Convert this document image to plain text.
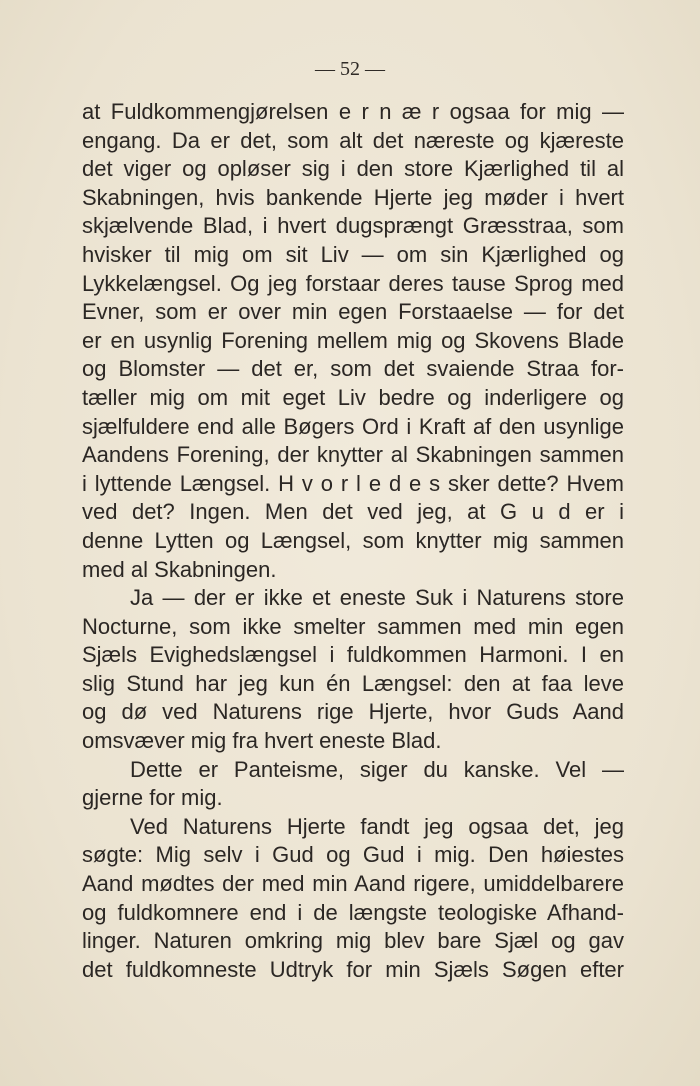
— 52 —
at Fuldkommengjørelsen e r n æ r ogsaa for mig —
engang. Da er det, som alt det næreste og kjæreste
det viger og opløser sig i den store Kjærlighed til al
Skabningen, hvis bankende Hjerte jeg møder i hvert
skjælvende Blad, i hvert dugsprængt Græsstraa, som
hvisker til mig om sit Liv — om sin Kjærlighed og
Lykkelængsel. Og jeg forstaar deres tause Sprog med
Evner, som er over min egen Forstaaelse — for det
er en usynlig Forening mellem mig og Skovens Blade
og Blomster — det er, som det svaiende Straa for-
tæller mig om mit eget Liv bedre og inderligere og
sjælfuldere end alle Bøgers Ord i Kraft af den usynlige
Aandens Forening, der knytter al Skabningen sammen
i lyttende Længsel. H v o r l e d e s sker dette? Hvem
ved det? Ingen. Men det ved jeg, at G u d er i
denne Lytten og Længsel, som knytter mig sammen
med al Skabningen.
Ja — der er ikke et eneste Suk i Naturens store
Nocturne, som ikke smelter sammen med min egen
Sjæls Evighedslængsel i fuldkommen Harmoni. I en
slig Stund har jeg kun én Længsel: den at faa leve
og dø ved Naturens rige Hjerte, hvor Guds Aand
omsvæver mig fra hvert eneste Blad.
Dette er Panteisme, siger du kanske. Vel —
gjerne for mig.
Ved Naturens Hjerte fandt jeg ogsaa det, jeg
søgte: Mig selv i Gud og Gud i mig. Den høiestes
Aand mødtes der med min Aand rigere, umiddelbarere
og fuldkomnere end i de længste teologiske Afhand-
linger. Naturen omkring mig blev bare Sjæl og gav
det fuldkomneste Udtryk for min Sjæls Søgen efter
